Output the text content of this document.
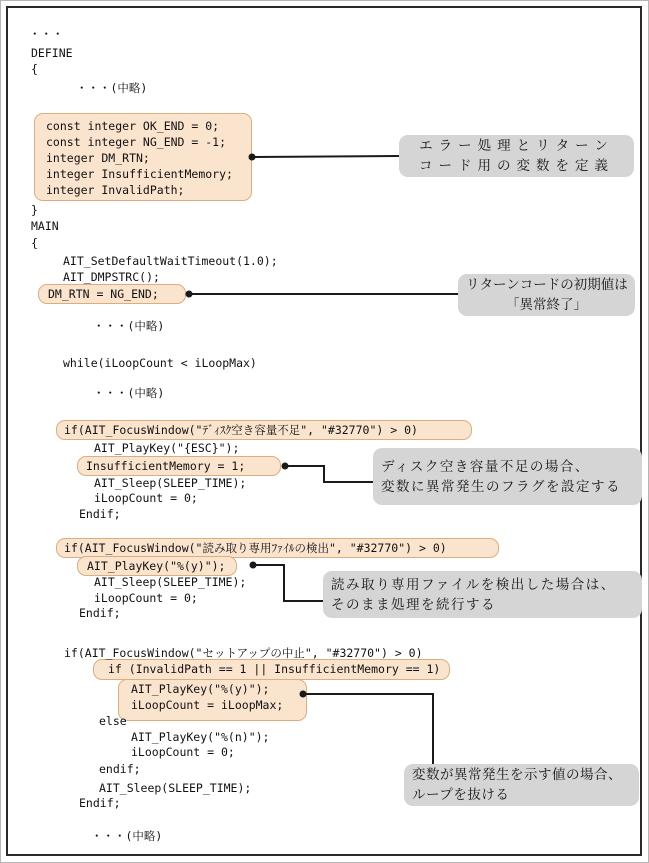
エラー処理とリターン
コード用の変数を定義
リターンコードの初期値は
「異常終了」
ディスク空き容量不足の場合、
変数に異常発生のフラグを設定する
読み取り専用ファイルを検出した場合は、
そのまま処理を続行する
変数が異常発生を示す値の場合、
ループを抜ける
・・・
DEFINE
{
・・・(中略)
const integer OK_END = 0;
const integer NG_END = -1;
integer DM_RTN;
integer InsufficientMemory;
integer InvalidPath;
}
MAIN
{
AIT_SetDefaultWaitTimeout(1.0);
AIT_DMPSTRC();
DM_RTN = NG_END;
・・・(中略)
while(iLoopCount < iLoopMax)
・・・(中略)
if(AIT_FocusWindow("ﾃﾞｨｽｸ空き容量不足", "#32770") > 0)
AIT_PlayKey("{ESC}");
InsufficientMemory = 1;
AIT_Sleep(SLEEP_TIME);
iLoopCount = 0;
Endif;
if(AIT_FocusWindow("読み取り専用ﾌｧｲﾙの検出", "#32770") > 0)
AIT_PlayKey("%(y)");
AIT_Sleep(SLEEP_TIME);
iLoopCount = 0;
Endif;
if(AIT_FocusWindow("セットアップの中止", "#32770") > 0)
if (InvalidPath == 1 || InsufficientMemory == 1)
AIT_PlayKey("%(y)");
iLoopCount = iLoopMax;
else
AIT_PlayKey("%(n)");
iLoopCount = 0;
endif;
AIT_Sleep(SLEEP_TIME);
Endif;
・・・(中略)
